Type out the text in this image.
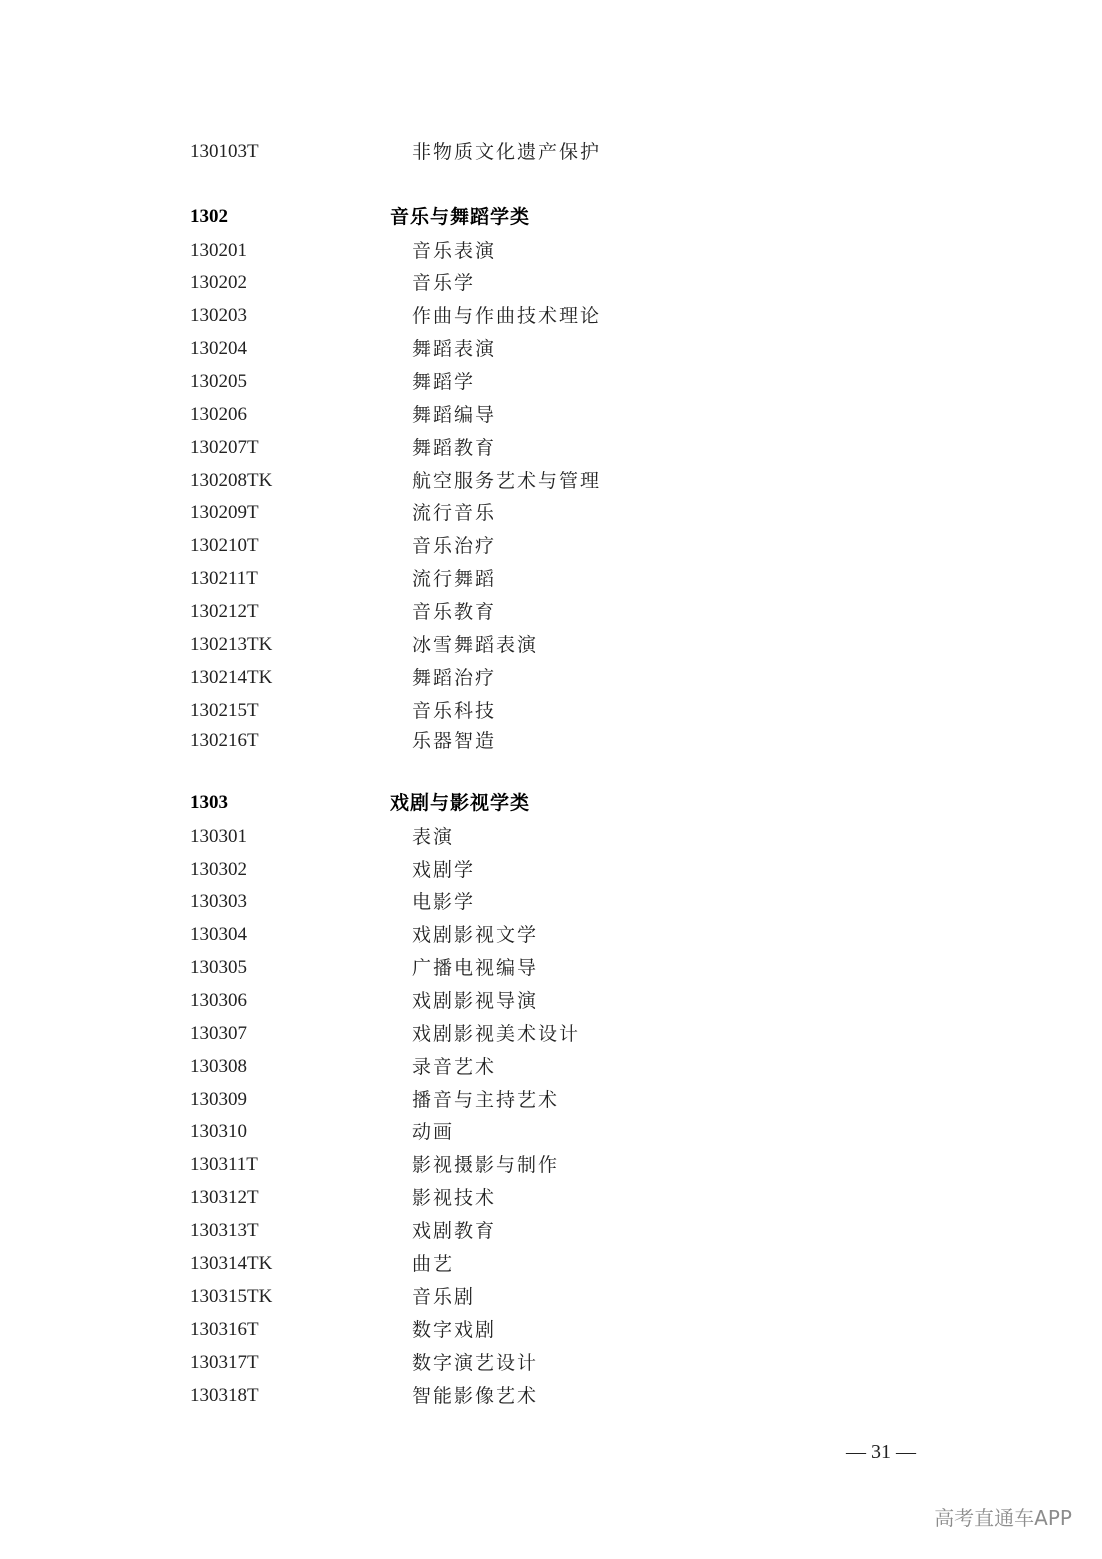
130103T	非物质文化遗产保护
1302	音乐与舞蹈学类
130201	音乐表演
130202	音乐学
130203	作曲与作曲技术理论
130204	舞蹈表演
130205	舞蹈学
130206	舞蹈编导
130207T	舞蹈教育
130208TK	航空服务艺术与管理
130209T	流行音乐
130210T	音乐治疗
130211T	流行舞蹈
130212T	音乐教育
130213TK	冰雪舞蹈表演
130214TK	舞蹈治疗
130215T	音乐科技
130216T	乐器智造
1303	戏剧与影视学类
130301	表演
130302	戏剧学
130303	电影学
130304	戏剧影视文学
130305	广播电视编导
130306	戏剧影视导演
130307	戏剧影视美术设计
130308	录音艺术
130309	播音与主持艺术
130310	动画
130311T	影视摄影与制作
130312T	影视技术
130313T	戏剧教育
130314TK	曲艺
130315TK	音乐剧
130316T	数字戏剧
130317T	数字演艺设计
130318T	智能影像艺术
— 31 —
高考直通车APP
